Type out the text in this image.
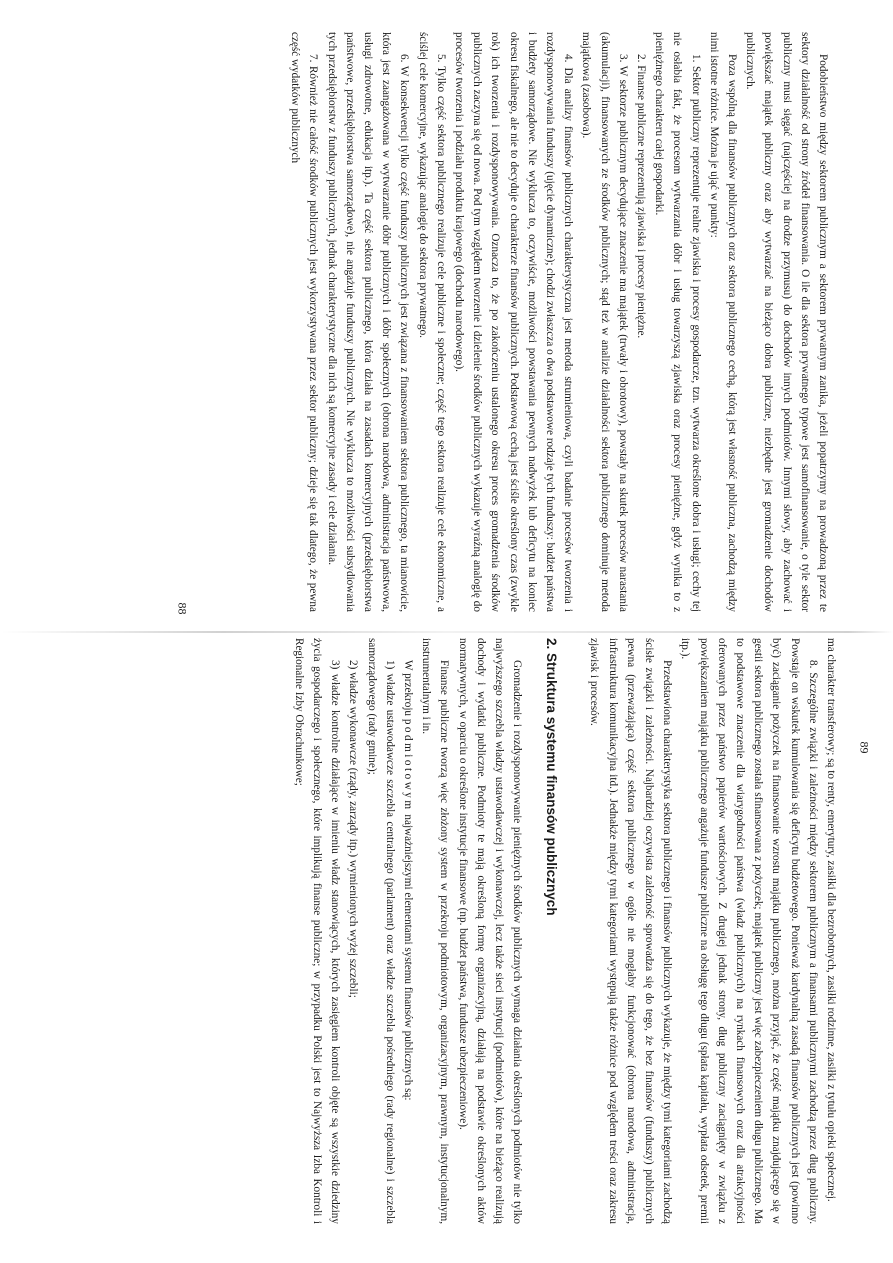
Podobieństwo między sektorem publicznym a sektorem prywatnym zanika, jeżeli popatrzymy na prowadzoną przez te sektory działalność od strony źródeł finansowania. O ile dla sektora prywatnego typowe jest samofinansowanie, o tyle sektor publiczny musi sięgać (najczęściej na drodze przymusu) do dochodów innych podmiotów. Innymi słowy, aby zachować i powiększać majątek publiczny oraz aby wytwarzać na bieżąco dobra publiczne, niezbędne jest gromadzenie dochodów publicznych.

Poza wspólną dla finansów publicznych oraz sektora publicznego cechą, którą jest własność publiczna, zachodzą między nimi istotne różnice. Można je ująć w punkty:

1. Sektor publiczny reprezentuje realne zjawiska i procesy gospodarcze, tzn. wytwarza określone dobra i usługi; cechy tej nie osłabia fakt, że procesom wytwarzania dóbr i usług towarzyszą zjawiska oraz procesy pieniężne, gdyż wynika to z pieniężnego charakteru całej gospodarki.

2. Finanse publiczne reprezentują zjawiska i procesy pieniężne.

3. W sektorze publicznym decydujące znaczenie ma majątek (trwały i obrotowy), powstały na skutek procesów narastania (akumulacji), finansowanych ze środków publicznych; stąd też w analizie działalności sektora publicznego dominuje metoda majątkowa (zasobowa).

4. Dla analizy finansów publicznych charakterystyczna jest metoda strumieniowa, czyli badanie procesów tworzenia i rozdysponowywania funduszy (ujęcie dynamiczne); chodzi zwłaszcza o dwa podstawowe rodzaje tych funduszy: budżet państwa i budżety samorządowe. Nie wyklucza to, oczywiście, możliwości powstawania pewnych nadwyżek lub deficytu na koniec okresu fiskalnego, ale nie to decyduje o charakterze finansów publicznych. Podstawową cechą jest ściśle określony czas (zwykle rok) ich tworzenia i rozdysponowywania. Oznacza to, że po zakończeniu ustalonego okresu proces gromadzenia środków publicznych zaczyna się od nowa. Pod tym względem tworzenie i dzielenie środków publicznych wykazuje wyraźną analogię do procesów tworzenia i podziału produktu krajowego (dochodu narodowego).

5. Tylko część sektora publicznego realizuje cele publiczne i społeczne; część tego sektora realizuje cele ekonomiczne, a ściślej cele komercyjne, wykazując analogię do sektora prywatnego.

6. W konsekwencji tylko część funduszy publicznych jest związana z finansowaniem sektora publicznego, ta mianowicie, która jest zaangażowana w wytwarzanie dóbr publicznych i dóbr społecznych (obrona narodowa, administracja państwowa, usługi zdrowotne, edukacja itp.). Ta część sektora publicznego, która działa na zasadach komercyjnych (przedsiębiorstwa państwowe, przedsiębiorstwa samorządowe), nie angażuje funduszy publicznych. Nie wyklucza to możliwości subsydiowania tych przedsiębiorstw z funduszy publicznych, jednak charakterystyczne dla nich są komercyjne zasady i cele działania.

7. Również nie całość środków publicznych jest wykorzystywana przez sektor publiczny; dzieje się tak dlatego, że pewna część wydatków publicznych

88

ma charakter transferowy; są to renty, emerytury, zasiłki dla bezrobotnych, zasiłki rodzinne, zasiłki z tytułu opieki społecznej.

8. Szczególne związki i zależności między sektorem publicznym a finansami publicznymi zachodzą przez dług publiczny. Powstaje on wskutek kumulowania się deficytu budżetowego. Ponieważ kardynalną zasadą finansów publicznych jest (powinno być) zaciąganie pożyczek na finansowanie wzrostu majątku publicznego, można przyjąć, że część majątku znajdującego się w gestii sektora publicznego została sfinansowana z pożyczek; majątek publiczny jest więc zabezpieczeniem długu publicznego. Ma to podstawowe znaczenie dla wiarygodności państwa (władz publicznych) na rynkach finansowych oraz dla atrakcyjności oferowanych przez państwo papierów wartościowych. Z drugiej jednak strony, dług publiczny zaciągnięty w związku z powiększaniem majątku publicznego angażuje fundusze publiczne na obsługę tego długu (spłata kapitału, wypłata odsetek, premii itp.).

Przedstawiona charakterystyka sektora publicznego i finansów publicznych wykazuje, że między tymi kategoriami zachodzą ścisłe związki i zależności. Najbardziej oczywista zależność sprowadza się do tego, że bez finansów (funduszy) publicznych pewna (przeważająca) część sektora publicznego w ogóle nie mogłaby funkcjonować (obrona narodowa, administracja, infrastruktura komunikacyjna itd.). Jednakże między tymi kategoriami występują także różnice pod względem treści oraz zakresu zjawisk i procesów.

2. Struktura systemu finansów publicznych

Gromadzenie i rozdysponowywanie pieniężnych środków publicznych wymaga działania określonych podmiotów nie tylko najwyższego szczebla władzy ustawodawczej i wykonawczej, lecz także sieci instytucji (podmiotów), które na bieżąco realizują dochody i wydatki publiczne. Podmioty te mają określoną formę organizacyjną, działają na podstawie określonych aktów normatywnych, w oparciu o określone instytucje finansowe (np. budżet państwa, fundusze ubezpieczeniowe).

Finanse publiczne tworzą więc złożony system w przekroju podmiotowym, organizacyjnym, prawnym, instytucjonalnym, instrumentalnym i in.

W przekroju podmiotowym najważniejszymi elementami systemu finansów publicznych są:

1) władze ustawodawcze szczebla centralnego (parlament) oraz władze szczebla pośredniego (rady regionalne) i szczebla samorządowego (rady gmine);

2) władze wykonawcze (rządy, zarządy itp.) wymienionych wyżej szczebli;

3) władze kontrolne działające w imieniu władz stanowiących, których zasięgiem kontroli objęte są wszystkie dziedziny życia gospodarczego i społecznego, które implikują finanse publiczne; w przypadku Polski jest to Najwyższa Izba Kontroli i Regionalne Izby Obrachunkowe;	89
